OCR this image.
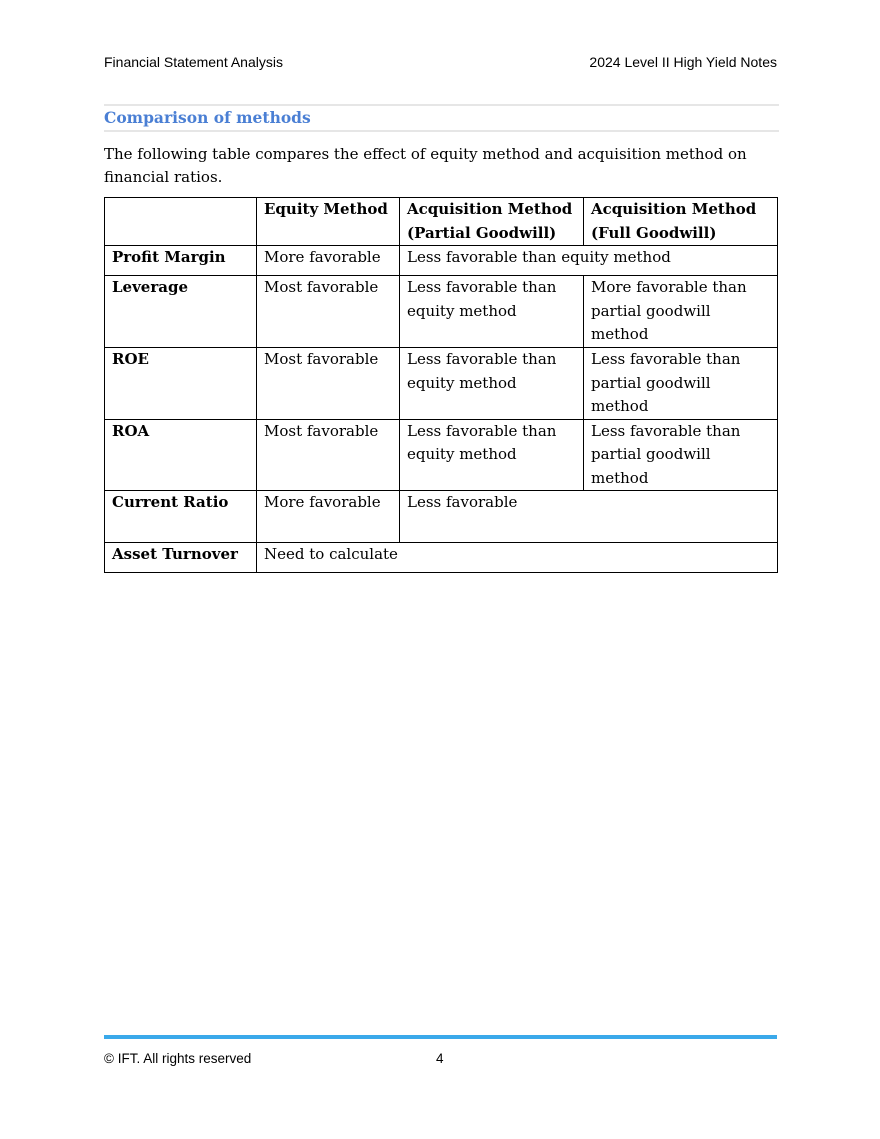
Financial Statement Analysis	2024 Level II High Yield Notes
Comparison of methods
The following table compares the effect of equity method and acquisition method on financial ratios.
	Equity Method	Acquisition Method (Partial Goodwill)	Acquisition Method (Full Goodwill)
Profit Margin	More favorable	Less favorable than equity method	
Leverage	Most favorable	Less favorable than equity method	More favorable than partial goodwill method
ROE	Most favorable	Less favorable than equity method	Less favorable than partial goodwill method
ROA	Most favorable	Less favorable than equity method	Less favorable than partial goodwill method
Current Ratio	More favorable	Less favorable	
Asset Turnover	Need to calculate		
© IFT. All rights reserved	4
